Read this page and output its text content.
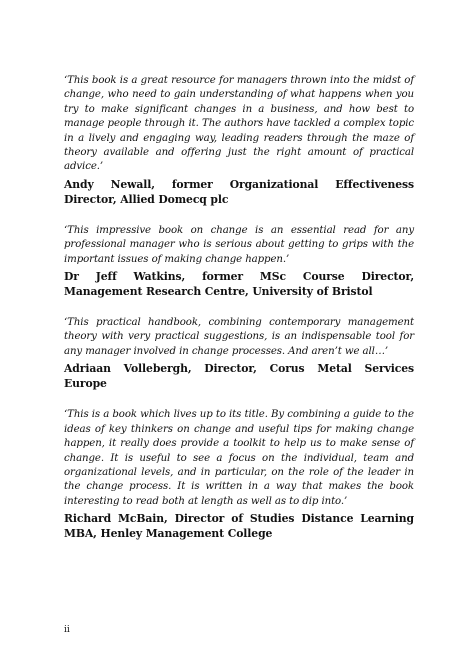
‘This book is a great resource for managers thrown into the midst of change, who need to gain understanding of what happens when you try to make significant changes in a business, and how best to manage people through it. The authors have tackled a complex topic in a lively and engaging way, leading readers through the maze of theory available and offering just the right amount of practical advice.’

Andy Newall, former Organizational Effectiveness Director, Allied Domecq plc

‘This impressive book on change is an essential read for any professional manager who is serious about getting to grips with the important issues of making change happen.’

Dr Jeff Watkins, former MSc Course Director, Management Research Centre, University of Bristol

‘This practical handbook, combining contemporary management theory with very practical suggestions, is an indispensable tool for any manager involved in change processes. And aren’t we all…’

Adriaan Vollebergh, Director, Corus Metal Services Europe

‘This is a book which lives up to its title. By combining a guide to the ideas of key thinkers on change and useful tips for making change happen, it really does provide a toolkit to help us to make sense of change. It is useful to see a focus on the individual, team and organizational levels, and in particular, on the role of the leader in the change process. It is written in a way that makes the book interesting to read both at length as well as to dip into.’

Richard McBain, Director of Studies Distance Learning MBA, Henley Management College

ii
